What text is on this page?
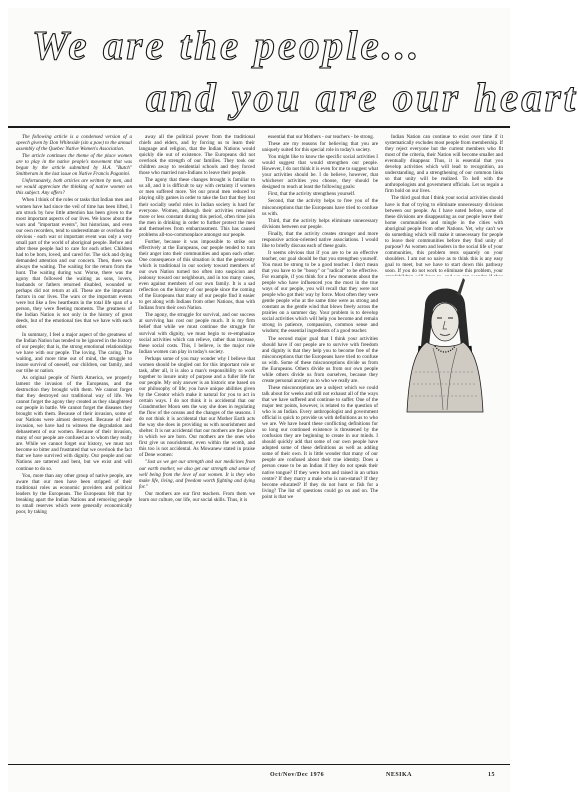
We are the people...
and you are our heart

The following article is a condensed version of a speech given by Don Whiteside (sin a paw) to the annual assembly of the Quebec Native Women's Association.

The article continues the theme of the place women are to play in the native people's movement that was begun by the article submitted by H.A. "Butch" Smitheram in the last issue on Native Francis Paganini.

Unfortunately, both articles are written by men, and we would appreciate the thinking of native women on this subject. Any offers?

When I think of the roles or tasks that Indian men and women have had since the veil of time has been lifted, I am struck by how little attention has been given to the most important aspects of our lives. We know about the wars and "important events", but historians, and even our own recorders, tend to underestimate or overlook the obvious - each war or important event was only a very small part of the world of aboriginal people. Before and after these people had to care for each other. Children had to be born, loved, and cared for. The sick and dying demanded attention and our concern. Then, there was always the waiting. The waiting for the return from the hunt. The waiting during war. Worse, there was the agony that followed the waiting as sons, lovers, husbands or fathers returned disabled, wounded or perhaps did not return at all. These are the important factors in our lives. The wars or the important events were but like a few heartbeats in the total life span of a person, they were fleeting moments. The greatness of the Indian Nation is not only in the history of great deeds, but of the emotional ties that we have with each other.

In summary, I feel a major aspect of the greatness of the Indian Nation has tended to be ignored in the history of our people; that is, the strong emotional relationships we have with our people. The loving. The caring. The waiting, and more time out of mind, the struggle to insure survival of oneself, our children, our family, and our tribe or nation.

As original people of North America, we properly lament the invasion of the Europeans, and the destruction they brought with them. We cannot forget that they destroyed our traditional way of life. We cannot forget the agony they created as they slaughtered our people in battle. We cannot forget the diseases they brought with them. Because of their invasion, some of our Nations were almost destroyed. Because of their invasion, we have had to witness the degradation and debasement of our women. Because of their invasion, many of our people are confused as to whom they really are. While we cannot forget our history, we must not become so bitter and frustrated that we overlook the fact that we have survived with dignity. Our people and our Nations are tattered and bent, but we exist and will continue to do so.

You, more than any other group of native people, are aware that our men have been stripped of their traditional roles as economic providers and political leaders by the Europeans. The Europeans felt that by breaking apart the Indian Nations and removing people to small reserves which were generally economically poor, by taking

away all the political power from the traditional chiefs and elders, and by forcing us to learn their language and religion, that the Indian Nations would quickly die out of existence. The Europeans did not overlook the strength of our families. They took our children away to residential schools and they forced those who married non-Indians to leave their people.

The agony that these changes brought is familiar to us all, and it is difficult to say with certainty if women or men suffered more. Yet our proud men reduced to playing silly games in order to take the fact that they lost their socially useful roles in Indian society is hard for everyone. Women, although their activities remained more or less constant during this period, often time join the men in drinking in order to further protect the men and themselves from embarrassment. This has caused problems all-too-commonplace amongst our people.

Further, because it was impossible to strike out effectively at the Europeans, our people tended to turn their anger into their communities and upon each other. One consequence of this situation is that the generosity which is traditional in our society toward members of our own Nation turned too often into suspicion and jealousy toward our neighbours, and in too many cases, even against members of our own family. It is a sad reflection on the history of our people since the coming of the Europeans that many of our people find it easier to get along with Indians from other Nations, than with Indians from their own Nation.

The agony, the struggle for survival, and our success at surviving has cost our people much. It is my firm belief that while we must continue the struggle for survival with dignity, we must begin to re-emphasize social activities which can relieve, rather than increase, these social costs. This, I believe, is the major role Indian women can play in today's society.

Perhaps some of you may wonder why I believe that women should be singled out for this important role or task, after all, it is also a man's responsibility to work together to insure unity of purpose and a fuller life for our people. My only answer is an historic one based on our philosophy of life; you have unique abilities given by the Creator which make it natural for you to act in certain ways. I do not think it is accidental that our Grandmother Moon sets the way she does in regulating the flow of the oceans and the changes of the seasons. I do not think it is accidental that our Mother Earth acts the way she does in providing us with nourishment and shelter. It is not accidental that our mothers are the place in which we are born. Our mothers are the ones who first give us nourishment, even within the womb, and this too is not accidental. As Mowanew stated in praise of Dene women:

"Just as we get our strength and our medicines from our earth mother, we also get our strength and sense of well being from the love of our women. It is they who make life, living, and freedom worth fighting and dying for."

Our mothers are our first teachers. From them we learn our culture, our life, our social skills. Thus, it is

essential that our Mothers - our teachers - be strong.

These are my reasons for believing that you are uniquely suited for this special role in today's society.

You might like to know the specific social activities I would suggest that would strengthen our people. However, I do not think it is even for me to suggest what your activities should be. I do believe, however, that whichever activities you choose, they should be designed to reach at least the following goals:

First, that the activity strengthens yourself.

Second, that the activity helps to free you of the misconceptions that the Europeans have tried to confuse us with.

Third, that the activity helps eliminate unnecessary divisions between our people.

Finally, that the activity creates stronger and more responsive action-oriented native associations. I would like to briefly discuss each of these goals.

It seems obvious that if you are to be an effective teacher, our goal should be that you strengthen yourself. You must be strong to be a good teacher. I don't mean that you have to be "bossy" or "radical" to be effective. For example, if you think for a few moments about the people who have influenced you the most in the true ways of our people, you will recall that they were not people who got their way by force. Most often they were gentle people who at the same time were as strong and constant as the gentle wind that blows freely across the prairies on a summer day. Your problem is to develop social activities which will help you become and remain strong in patience, compassion, common sense and wisdom; the essential ingredients of a good teacher.

The second major goal that I think your activities should have if our people are to survive with freedom and dignity is that they help you to become free of the misconceptions that the Europeans have tried to confuse us with. Some of these misconceptions divide us from the Europeans. Others divide us from our own people while others divide us from ourselves, because they create personal anxiety as to who we really are.

These misconceptions are a subject which we could talk about for weeks and still not exhaust all of the ways that we have suffered and continue to suffer. One of the major test points, however, is related to the question of who is an Indian. Every anthropologist and government official is quick to provide us with definitions as to who we are. We have heard these conflicting definitions for so long our continued existence is threatened by the confusion they are beginning to create in our minds. I should quickly add that some of our own people have adopted some of these definitions as well as adding some of their own. It is little wonder that many of our people are confused about their true identity. Does a person cease to be an Indian if they do not speak their native tongue? If they were born and raised in an urban centre? If they marry a male who is non-status? If they become educated? If they do not hunt or fish for a living? The list of questions could go on and on. The point is that we

Indian Nation can continue to exist over time if it systematically excludes most people from membership. If they reject everyone but the current members who fit most of the criteria, their Nation will become smaller and eventually disappear. Thus, it is essential that you develop activities which will lead to recognition, an understanding, and a strengthening of our common links so that unity will be realized. To hell with the anthropologists and government officials. Let us regain a firm hold on our lives.

The third goal that I think your social activities should have is that of trying to eliminate unnecessary divisions between our people. As I have noted before, some of these divisions are disappearing as our people leave their home communities and mingle in the cities with aboriginal people from other Nations. Yet, why can't we do something which will make it unnecessary for people to leave their communities before they find unity of purpose? As women and leaders in the social life of your communities, this problem rests squarely on your shoulders. I am not so naive as to think this is any easy goal to meet, but we have to start down this pathway soon. If you do not work to eliminate this problem, your

Oct/Nov/Dec 1976	NESIKA	15
